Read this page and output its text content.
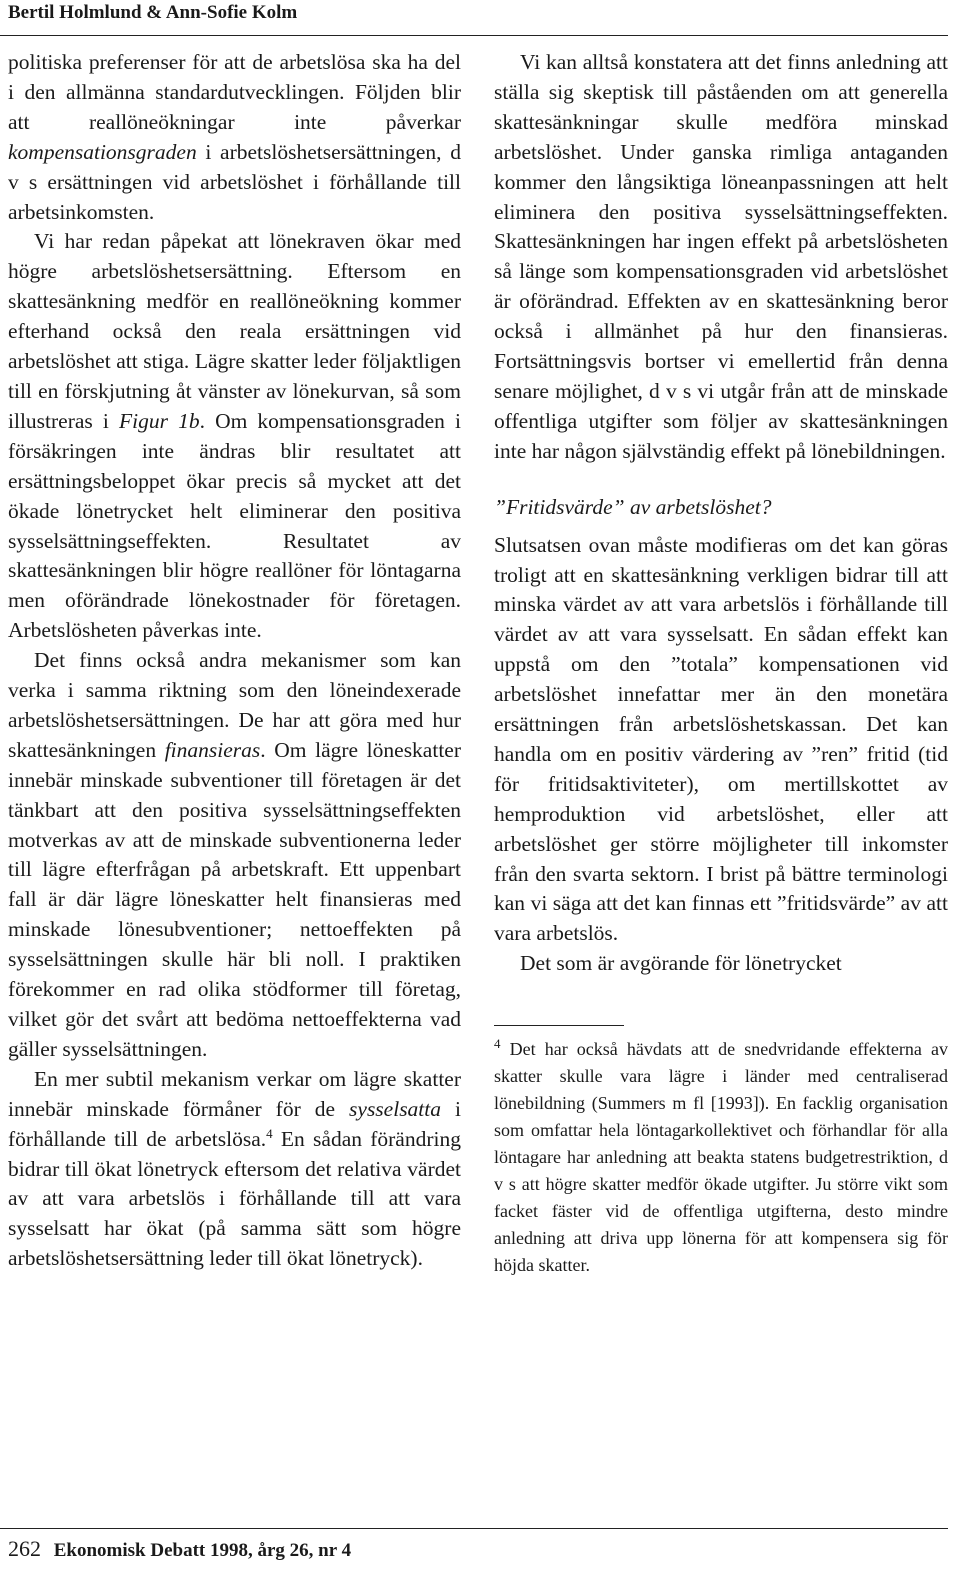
Bertil Holmlund & Ann-Sofie Kolm

politiska preferenser för att de arbetslösa ska ha del i den allmänna standardutvecklingen. Följden blir att reallöneökningar inte påverkar kompensationsgraden i arbetslöshetsersättningen, d v s ersättningen vid arbetslöshet i förhållande till arbetsinkomsten.

Vi har redan påpekat att lönekraven ökar med högre arbetslöshetsersättning. Eftersom en skattesänkning medför en reallöneökning kommer efterhand också den reala ersättningen vid arbetslöshet att stiga. Lägre skatter leder följaktligen till en förskjutning åt vänster av lönekurvan, så som illustreras i Figur 1b. Om kompensationsgraden i försäkringen inte ändras blir resultatet att ersättningsbeloppet ökar precis så mycket att det ökade lönetrycket helt eliminerar den positiva sysselsättningseffekten. Resultatet av skattesänkningen blir högre reallöner för löntagarna men oförändrade lönekostnader för företagen. Arbetslösheten påverkas inte.

Det finns också andra mekanismer som kan verka i samma riktning som den löneindexerade arbetslöshetsersättningen. De har att göra med hur skattesänkningen finansieras. Om lägre löneskatter innebär minskade subventioner till företagen är det tänkbart att den positiva sysselsättningseffekten motverkas av att de minskade subventionerna leder till lägre efterfrågan på arbetskraft. Ett uppenbart fall är där lägre löneskatter helt finansieras med minskade lönesubventioner; nettoeffekten på sysselsättningen skulle här bli noll. I praktiken förekommer en rad olika stödformer till företag, vilket gör det svårt att bedöma nettoeffekterna vad gäller sysselsättningen.

En mer subtil mekanism verkar om lägre skatter innebär minskade förmåner för de sysselsatta i förhållande till de arbetslösa.$^4$ En sådan förändring bidrar till ökat lönetryck eftersom det relativa värdet av att vara arbetslös i förhållande till att vara sysselsatt har ökat (på samma sätt som högre arbetslöshetsersättning leder till ökat lönetryck).

Vi kan alltså konstatera att det finns anledning att ställa sig skeptisk till påståenden om att generella skattesänkningar skulle medföra minskad arbetslöshet. Under ganska rimliga antaganden kommer den långsiktiga löneanpassningen att helt eliminera den positiva sysselsättningseffekten. Skattesänkningen har ingen effekt på arbetslösheten så länge som kompensationsgraden vid arbetslöshet är oförändrad. Effekten av en skattesänkning beror också i allmänhet på hur den finansieras. Fortsättningsvis bortser vi emellertid från denna senare möjlighet, d v s vi utgår från att de minskade offentliga utgifter som följer av skattesänkningen inte har någon självständig effekt på lönebildningen.

”Fritidsvärde” av arbetslöshet?

Slutsatsen ovan måste modifieras om det kan göras troligt att en skattesänkning verkligen bidrar till att minska värdet av att vara arbetslös i förhållande till värdet av att vara sysselsatt. En sådan effekt kan uppstå om den ”totala” kompensationen vid arbetslöshet innefattar mer än den monetära ersättningen från arbetslöshetskassan. Det kan handla om en positiv värdering av ”ren” fritid (tid för fritidsaktiviteter), om mertillskottet av hemproduktion vid arbetslöshet, eller att arbetslöshet ger större möjligheter till inkomster från den svarta sektorn. I brist på bättre terminologi kan vi säga att det kan finnas ett ”fritidsvärde” av att vara arbetslös.

Det som är avgörande för lönetrycket

$^4$ Det har också hävdats att de snedvridande effekterna av skatter skulle vara lägre i länder med centraliserad lönebildning (Summers m fl [1993]). En facklig organisation som omfattar hela löntagarkollektivet och förhandlar för alla löntagare har anledning att beakta statens budgetrestriktion, d v s att högre skatter medför ökade utgifter. Ju större vikt som facket fäster vid de offentliga utgifterna, desto mindre anledning att driva upp lönerna för att kompensera sig för höjda skatter.

262 Ekonomisk Debatt 1998, årg 26, nr 4
